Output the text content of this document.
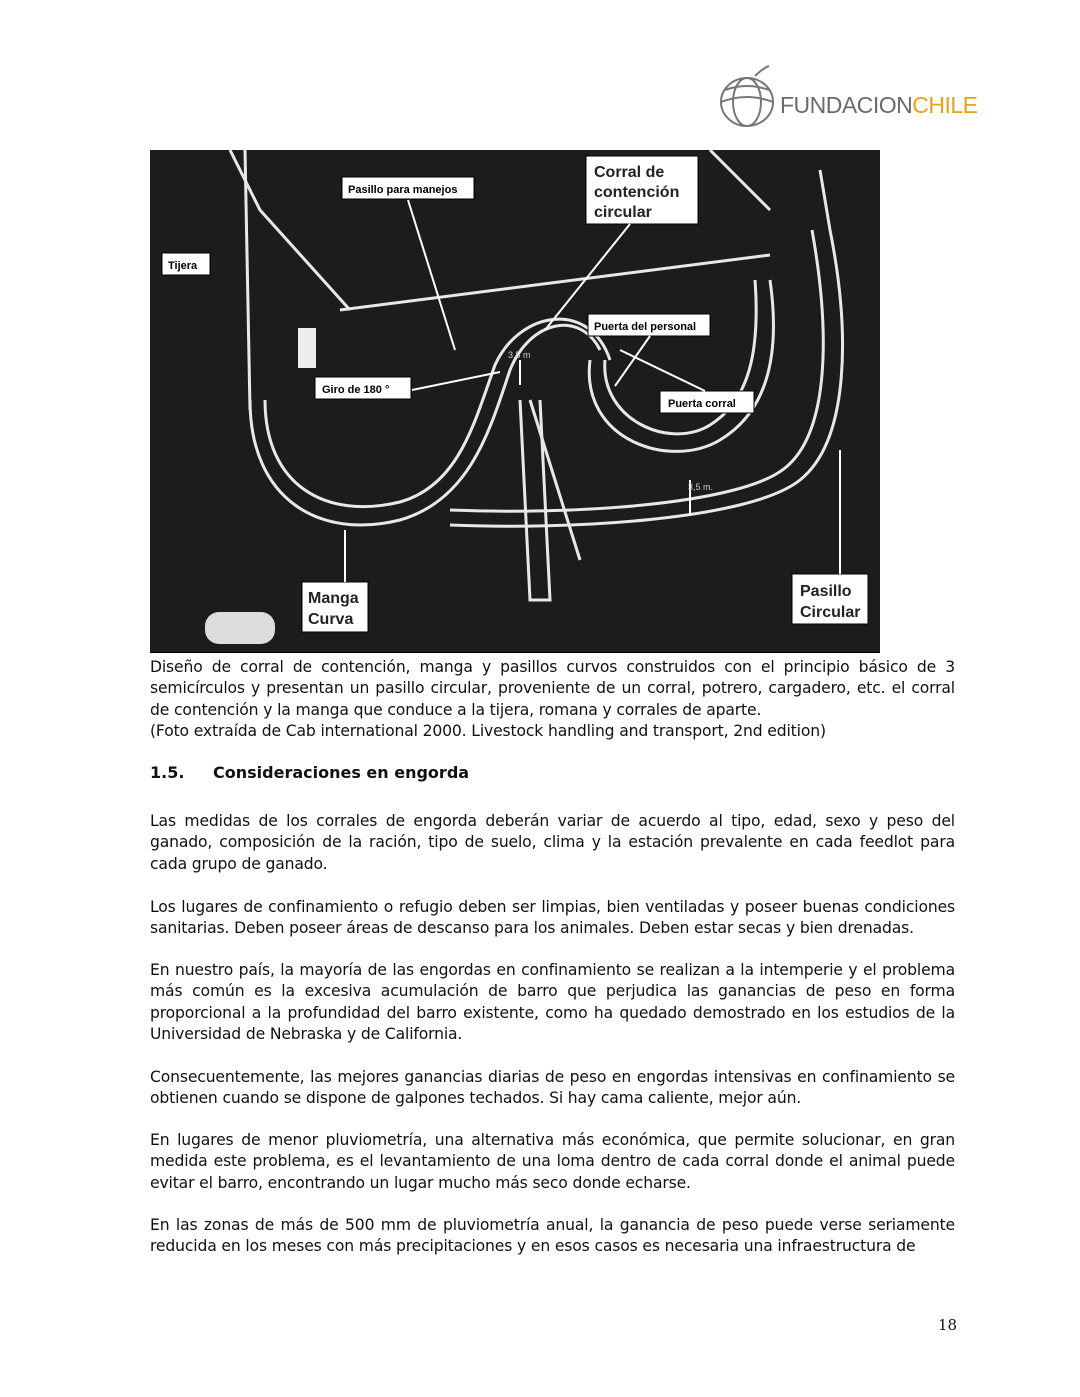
FUNDACIONCHILE
Pasillo para manejos
Tijera
Puerta del personal
Giro de 180 °
Puerta corral
Corral de
contención
circular
Manga
Curva
Pasillo
Circular
3,5 m
3,5 m.
Diseño de corral de contención, manga y pasillos curvos construidos con el principio básico de 3 semicírculos y presentan un pasillo circular, proveniente de un corral, potrero, cargadero, etc. el corral de contención y la manga que conduce a la tijera, romana y corrales de aparte.
(Foto extraída de Cab international 2000. Livestock handling and transport, 2nd edition)
1.5. Consideraciones en engorda
Las medidas de los corrales de engorda deberán variar de acuerdo al tipo, edad, sexo y peso del ganado, composición de la ración, tipo de suelo, clima y la estación prevalente en cada feedlot para cada grupo de ganado.
Los lugares de confinamiento o refugio deben ser limpias, bien ventiladas y poseer buenas condiciones sanitarias. Deben poseer áreas de descanso para los animales. Deben estar secas y bien drenadas.
En nuestro país, la mayoría de las engordas en confinamiento se realizan a la intemperie y el problema más común es la excesiva acumulación de barro que perjudica las ganancias de peso en forma proporcional a la profundidad del barro existente, como ha quedado demostrado en los estudios de la Universidad de Nebraska y de California.
Consecuentemente, las mejores ganancias diarias de peso en engordas intensivas en confinamiento se obtienen cuando se dispone de galpones techados. Si hay cama caliente, mejor aún.
En lugares de menor pluviometría, una alternativa más económica, que permite solucionar, en gran medida este problema, es el levantamiento de una loma dentro de cada corral donde el animal puede evitar el barro, encontrando un lugar mucho más seco donde echarse.
En las zonas de más de 500 mm de pluviometría anual, la ganancia de peso puede verse seriamente reducida en los meses con más precipitaciones y en esos casos es necesaria una infraestructura de
18
